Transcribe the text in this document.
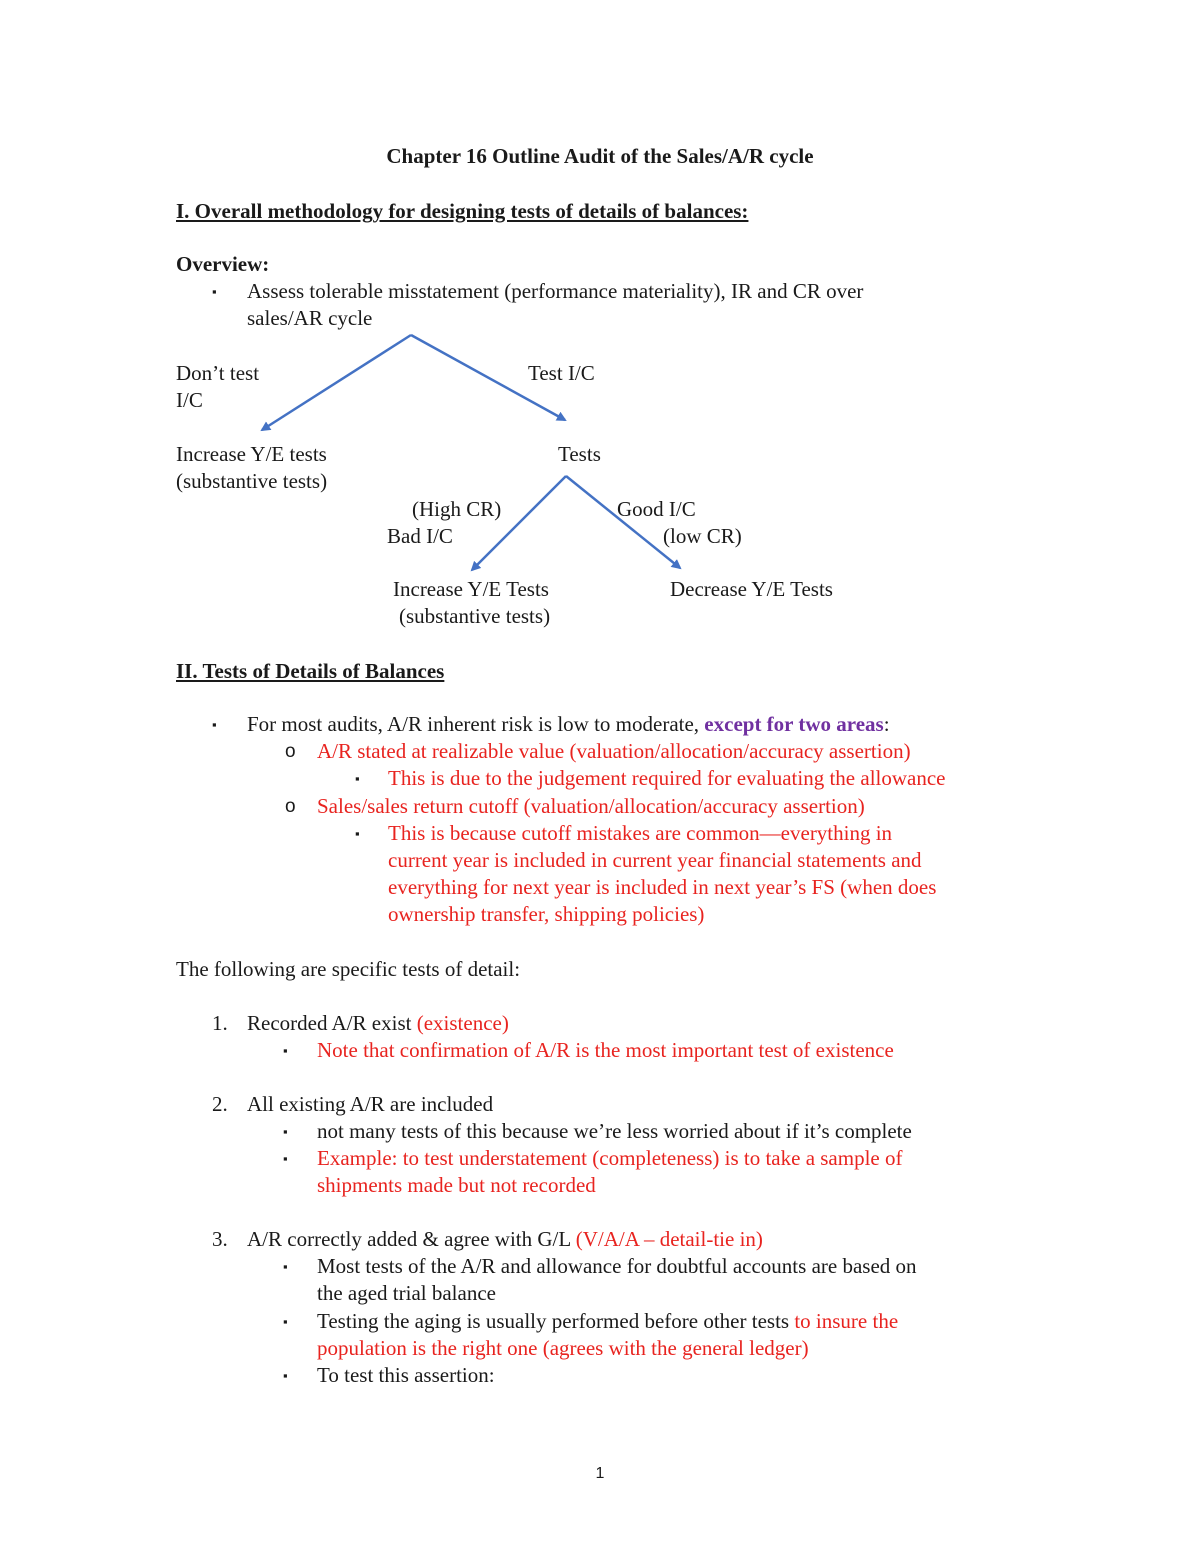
Chapter 16 Outline Audit of the Sales/A/R cycle
I. Overall methodology for designing tests of details of balances:
Overview:
▪ Assess tolerable misstatement (performance materiality), IR and CR over
sales/AR cycle
Don’t test
I/C
Test I/C
Increase Y/E tests
(substantive tests)
Tests
(High CR)
Bad I/C
Good I/C
(low CR)
Increase Y/E Tests
(substantive tests)
Decrease Y/E Tests
II. Tests of Details of Balances
▪ For most audits, A/R inherent risk is low to moderate, except for two areas:
o A/R stated at realizable value (valuation/allocation/accuracy assertion)
▪ This is due to the judgement required for evaluating the allowance
o Sales/sales return cutoff (valuation/allocation/accuracy assertion)
▪ This is because cutoff mistakes are common––everything in
current year is included in current year financial statements and
everything for next year is included in next year’s FS (when does
ownership transfer, shipping policies)
The following are specific tests of detail:
1. Recorded A/R exist (existence)
▪ Note that confirmation of A/R is the most important test of existence
2. All existing A/R are included
▪ not many tests of this because we’re less worried about if it’s complete
▪ Example: to test understatement (completeness) is to take a sample of
shipments made but not recorded
3. A/R correctly added & agree with G/L (V/A/A – detail-tie in)
▪ Most tests of the A/R and allowance for doubtful accounts are based on
the aged trial balance
▪ Testing the aging is usually performed before other tests to insure the
population is the right one (agrees with the general ledger)
▪ To test this assertion:
1
